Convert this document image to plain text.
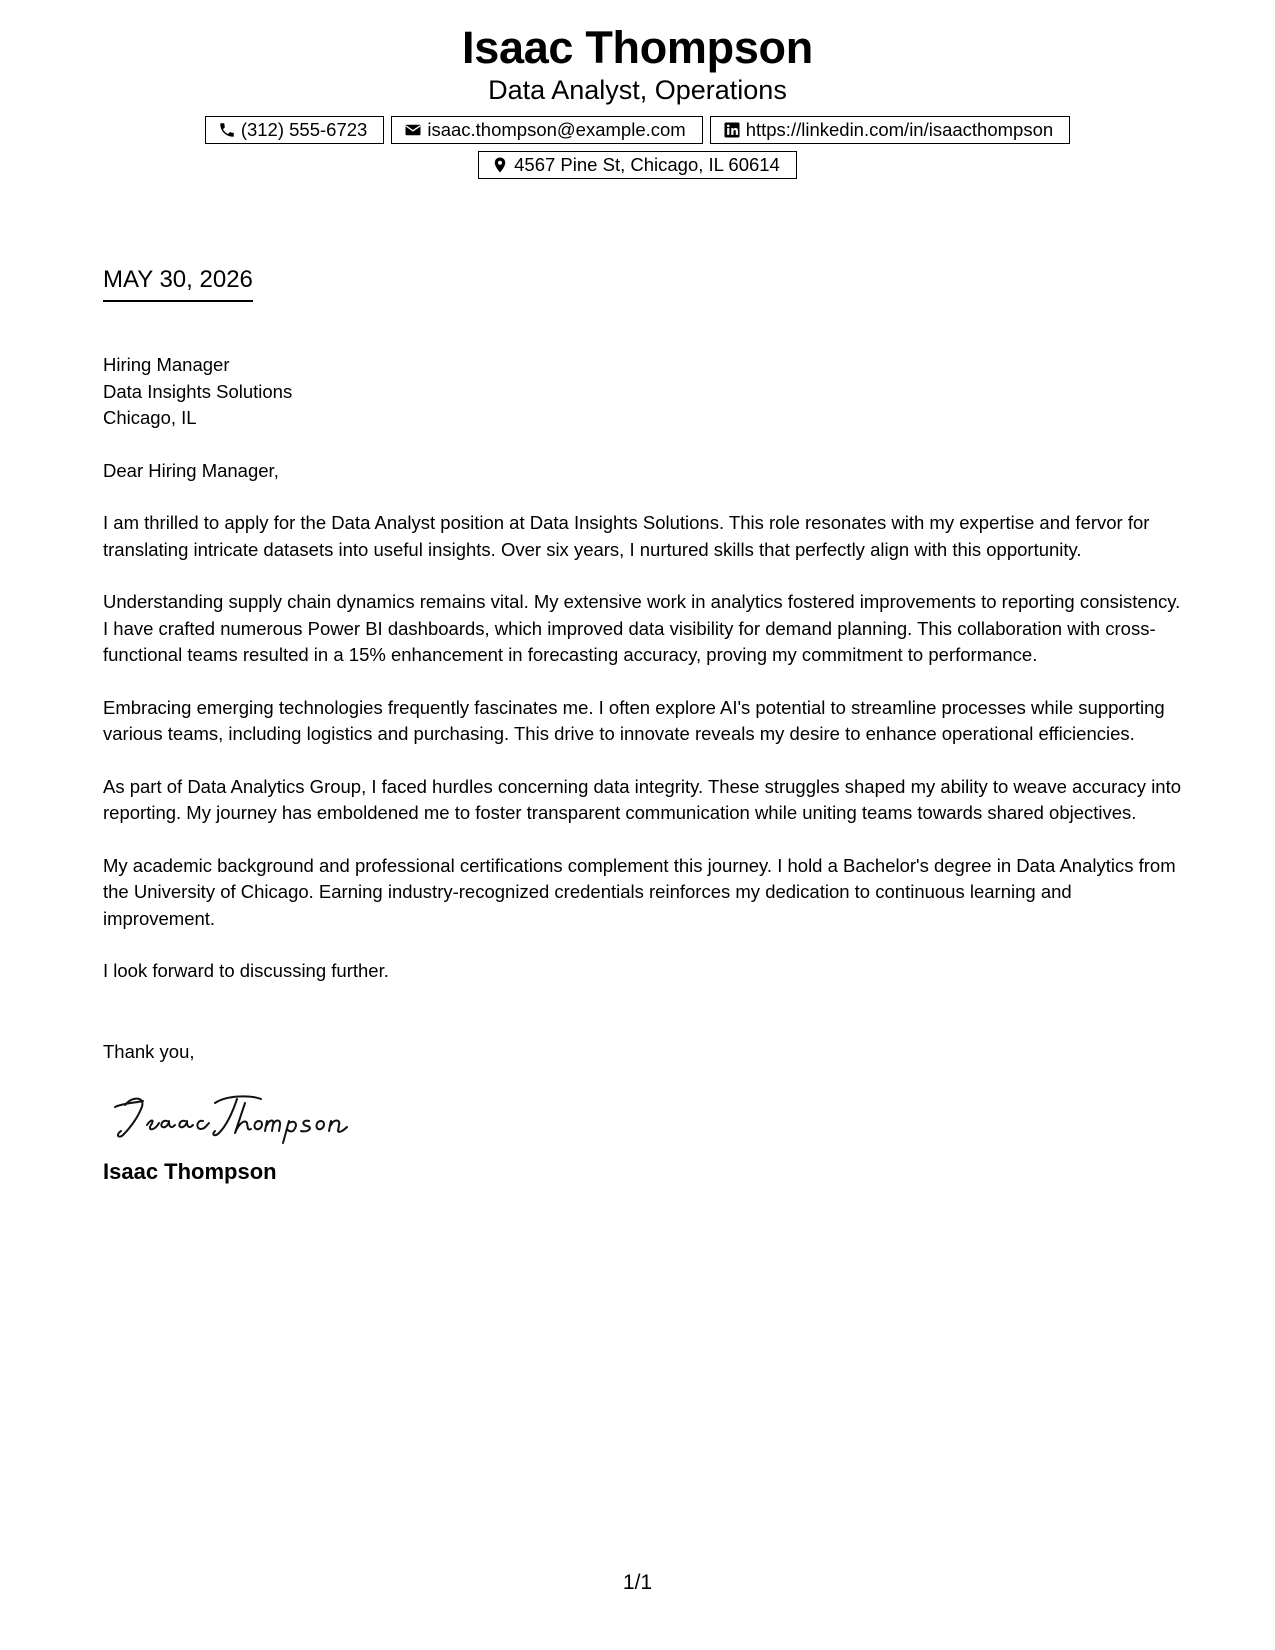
Isaac Thompson
Data Analyst, Operations
(312) 555-6723	isaac.thompson@example.com	https://linkedin.com/in/isaacthompson
4567 Pine St, Chicago, IL 60614
MAY 30, 2026

Hiring Manager
Data Insights Solutions
Chicago, IL

Dear Hiring Manager,

I am thrilled to apply for the Data Analyst position at Data Insights Solutions. This role resonates with my expertise and fervor for translating intricate datasets into useful insights. Over six years, I nurtured skills that perfectly align with this opportunity.

Understanding supply chain dynamics remains vital. My extensive work in analytics fostered improvements to reporting consistency. I have crafted numerous Power BI dashboards, which improved data visibility for demand planning. This collaboration with cross-functional teams resulted in a 15% enhancement in forecasting accuracy, proving my commitment to performance.

Embracing emerging technologies frequently fascinates me. I often explore AI's potential to streamline processes while supporting various teams, including logistics and purchasing. This drive to innovate reveals my desire to enhance operational efficiencies.

As part of Data Analytics Group, I faced hurdles concerning data integrity. These struggles shaped my ability to weave accuracy into reporting. My journey has emboldened me to foster transparent communication while uniting teams towards shared objectives.

My academic background and professional certifications complement this journey. I hold a Bachelor's degree in Data Analytics from the University of Chicago. Earning industry-recognized credentials reinforces my dedication to continuous learning and improvement.

I look forward to discussing further.

Thank you,
Isaac Thompson
1/1
